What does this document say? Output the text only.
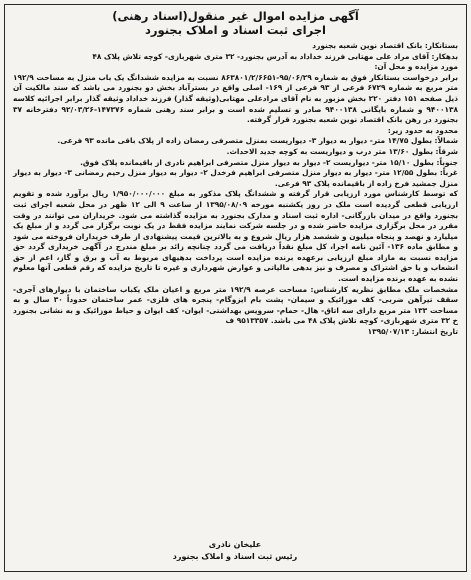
آگهی مزایده اموال غیر منقول(اسناد رهنی)

اجرای ثبت اسناد و املاک بجنورد

بستانکار: بانک اقتصاد نوین شعبه بجنورد

بدهکار: آقای مراد علی مهتابی فرزند خداداد به آدرس بجنورد- ۳۲ متری شهربازی- کوچه تلاش پلاک ۴۸

مورد مزایده و محل آن:

برابر درخواست بستانکار فوق به شماره ۹۵/۰۶/۲۹-۸۶۳۸۰۱/۲/۶۶۵۱ نسبت به مزایده ششدانگ یک باب منزل به مساحت ۱۹۲/۹ متر مربع به شماره ۶۷۲۹ فرعی از ۹۳ فرعی از ۱۶۹- اصلی واقع در بسترآباد بخش دو بجنورد می باشد که سند مالکیت آن ذیل صفحه ۱۵۱ دفتر ۲۲۰ بخش مزبور به نام آقای مرادعلی مهتابی(وثیقه گذار) فرزند خداداد وثیقه گذار برابر اجرائیه کلاسه ۹۴۰۰۱۳۸ و شماره بایگانی ۹۴۰۰۱۳۸ صادر و تسلیم شده است و برابر سند رهنی شماره ۱۴۷۳۷۶-۹۲/۰۳/۲۶ دفترخانه ۳۷ بجنورد در رهن بانک اقتصاد نوین شعبه بجنورد قرار گرفته.

محدود به حدود زیر:

شمالاً: بطول ۱۴/۷۵ متر- دیوار به دیوار ۳- دیواریست بمنزل متصرفی رمضان زاده از پلاک باقی مانده ۹۳ فرعی.

شرقاً: بطول ۱۳/۶۰ متر درب و دیواریست به کوچه جدید الاحداث.

جنوباً: بطول ۱۵/۱۰ متر- دیواریست ۲- دیوار به دیوار منزل متصرفی ابراهیم نادری از باقیمانده پلاک فوق.

غرباً: بطول ۱۲/۵۵ متر- دیوار به دیوار منزل متصرفی ابراهیم فرخدل ۲- دیوار به دیوار منزل رحیم رمضانی ۳- دیوار به دیوار منزل جمشید فرخ زاده از باقیمانده پلاک ۹۳ فرعی.

که توسط کارشناس مورد ارزیابی قرار گرفته و ششدانگ پلاک مذکور به مبلغ ۱/۹۵۰/۰۰۰/۰۰۰ ریال برآورد شده و تقویم ارزیابی قطعی گردیده است ملک در روز یکشنبه مورخه ۱۳۹۵/۰۸/۰۹ از ساعت ۹ الی ۱۲ ظهر در محل شعبه اجرای ثبت بجنورد واقع در میدان بازرگانی- اداره ثبت اسناد و مدارک بجنورد به مزایده گذاشته می شود. خریداران می توانند در وقت مقرر در محل برگزاری مزایده حاضر شده و در جلسه شرکت نمایند مزایده فقط در یک نوبت برگزار می گردد و از مبلغ یک میلیارد و نهصد و پنجاه میلیون و ششصد هزار ریال شروع و به بالاترین قیمت پیشنهادی از طرف خریداران فروخته می شود و مطابق ماده ۱۳۶- آئین نامه اجرا، کل مبلغ نقداً دریافت می گردد چنانچه زائد بر مبلغ مندرج در آگهی خریداری گردد حق مزایده نسبت به مازاد مبلغ ارزیابی برعهده برنده مزایده است پرداخت بدهیهای مربوط به آب و برق و گاز، اعم از حق انشعاب و یا حق اشتراک و مصرف و نیز بدهی مالیاتی و عوارض شهرداری و غیره تا تاریخ مزایده که رقم قطعی آنها معلوم نشده به عهده برنده مزایده است.

مشخصات ملک مطابق نظریه کارشناس: مساحت عرصه ۱۹۲/۹ متر مربع و اعیان ملک یکباب ساختمان با دیوارهای آجری- سقف تیرآهن ضربی- کف موزائیک و سیمان- پشت بام ایزوگام- پنجره های فلزی- عمر ساختمان حدوداً ۳۰ سال و به مساحت ۱۳۳ متر مربع دارای سه اتاق- هال- حمام- سرویس بهداشتی- ایوان- کف ایوان و حیاط موزائیک و به نشانی بجنورد خ ۳۲ متری شهربازی- کوچه تلاش پلاک ۴۸ می باشد. ۹۵۱۳۳۵۷ ف

تاریخ انتشار: ۱۳۹۵/۰۷/۱۳

علیخان نادری
رئیس ثبت اسناد و املاک بجنورد
